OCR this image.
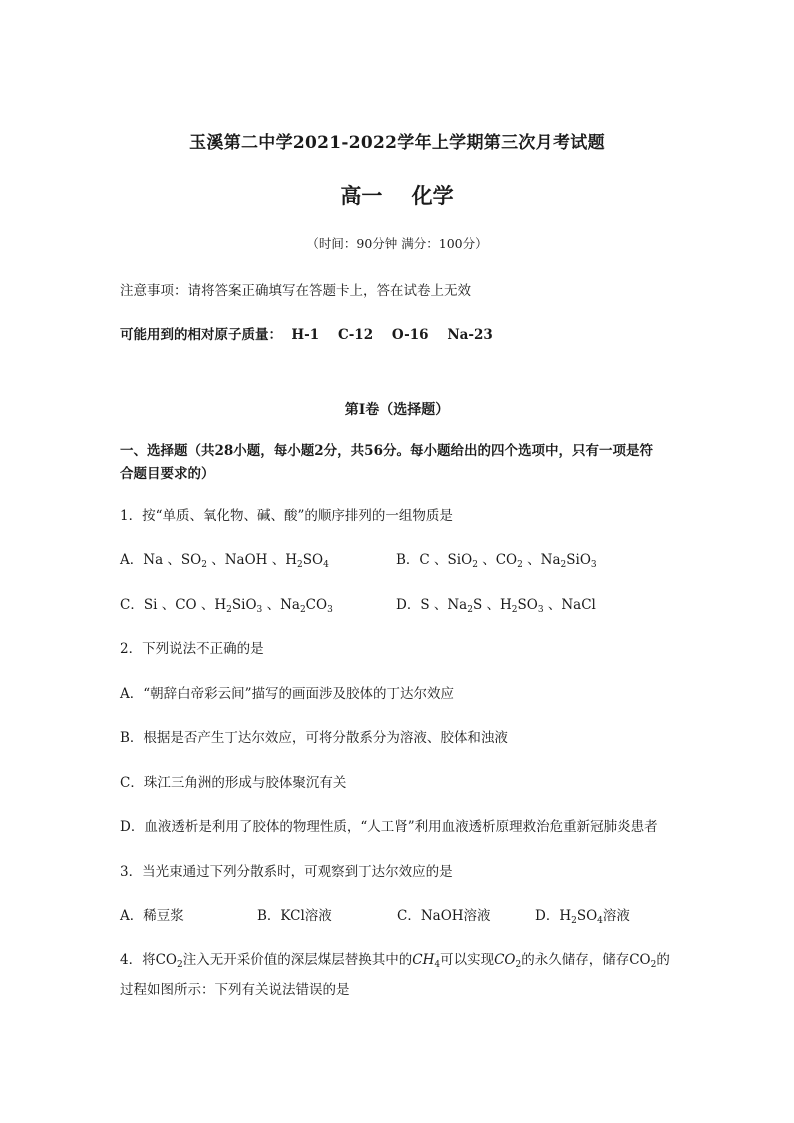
玉溪第二中学2021-2022学年上学期第三次月考试题
高一    化学
（时间：90分钟 满分：100分）
注意事项：请将答案正确填写在答题卡上，答在试卷上无效
可能用到的相对原子质量：  H-1    C-12    O-16    Na-23
第I卷（选择题）
一、选择题（共28小题，每小题2分，共56分。每小题给出的四个选项中，只有一项是符
合题目要求的）
1．按“单质、氧化物、碱、酸”的顺序排列的一组物质是
A．Na 、$SO_2$ 、NaOH 、$H_2SO_4$	B．C 、SiO$_2$ 、$CO_2$ 、$Na_2SiO_3$
C．Si 、CO 、$H_2SiO_3$ 、$Na_2CO_3$	D．S 、$Na_2S$ 、$H_2SO_3$ 、NaCl
2．下列说法不正确的是
A．“朝辞白帝彩云间”描写的画面涉及胶体的丁达尔效应
B．根据是否产生丁达尔效应，可将分散系分为溶液、胶体和浊液
C．珠江三角洲的形成与胶体聚沉有关
D．血液透析是利用了胶体的物理性质，“人工肾”利用血液透析原理救治危重新冠肺炎患者
3．当光束通过下列分散系时，可观察到丁达尔效应的是
A．稀豆浆	B．KCl溶液	C．NaOH溶液	D．$H_2SO_4$溶液
4．将$CO_2$注入无开采价值的深层煤层替换其中的$CH_4$可以实现$CO_2$的永久储存，储存$CO_2$的
过程如图所示：下列有关说法错误的是
